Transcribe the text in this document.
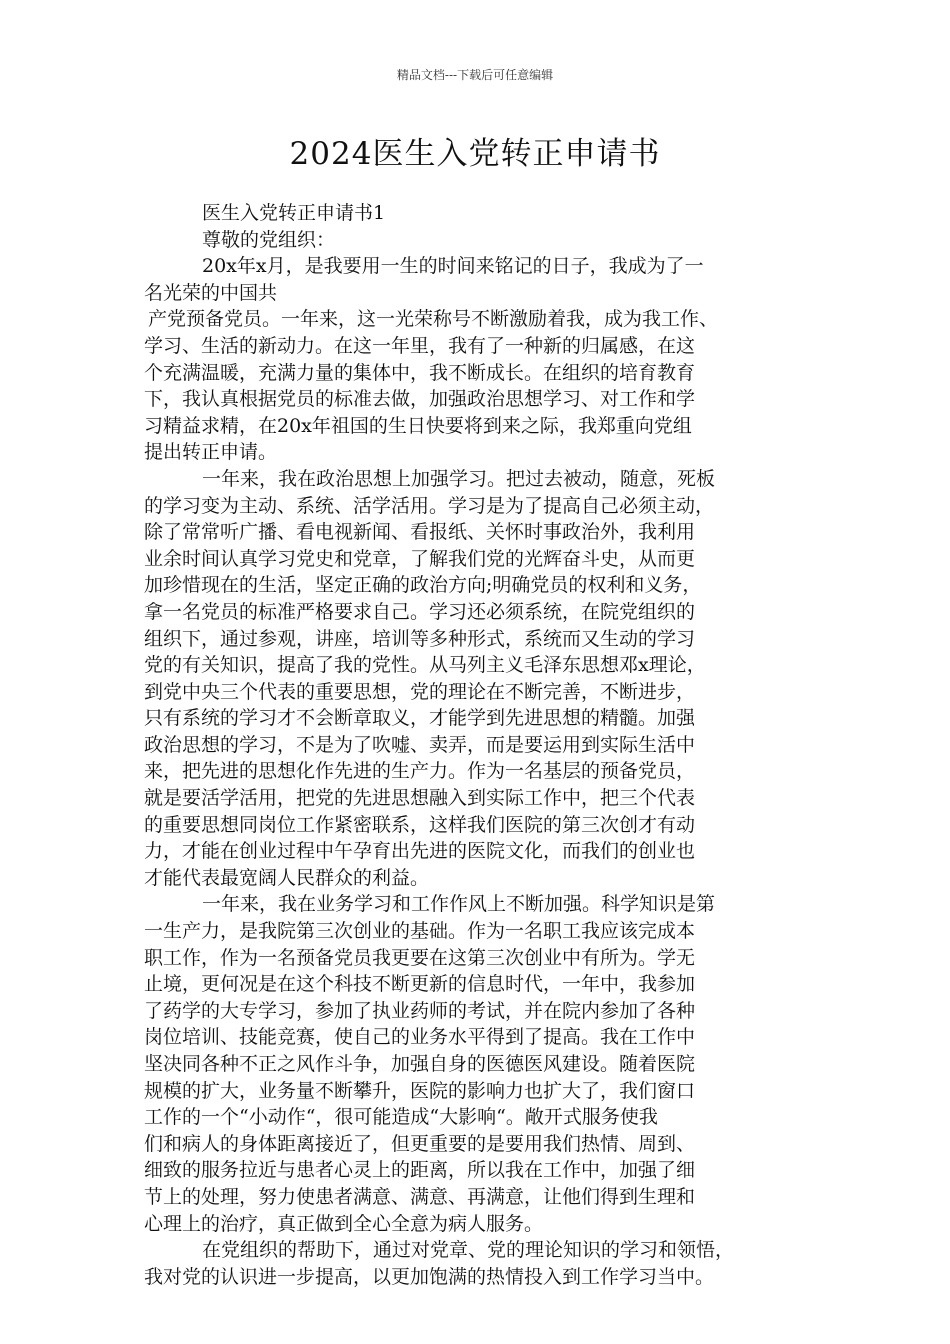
精品文档---下载后可任意编辑
2024医生入党转正申请书
医生入党转正申请书1
尊敬的党组织：
20x年x月，是我要用一生的时间来铭记的日子，我成为了一
名光荣的中国共
产党预备党员。一年来，这一光荣称号不断激励着我，成为我工作、
学习、生活的新动力。在这一年里，我有了一种新的归属感，在这
个充满温暖，充满力量的集体中，我不断成长。在组织的培育教育
下，我认真根据党员的标准去做，加强政治思想学习、对工作和学
习精益求精，在20x年祖国的生日快要将到来之际，我郑重向党组
提出转正申请。
一年来，我在政治思想上加强学习。把过去被动，随意，死板
的学习变为主动、系统、活学活用。学习是为了提高自己必须主动，
除了常常听广播、看电视新闻、看报纸、关怀时事政治外，我利用
业余时间认真学习党史和党章，了解我们党的光辉奋斗史，从而更
加珍惜现在的生活，坚定正确的政治方向;明确党员的权利和义务，
拿一名党员的标准严格要求自己。学习还必须系统，在院党组织的
组织下，通过参观，讲座，培训等多种形式，系统而又生动的学习
党的有关知识，提高了我的党性。从马列主义毛泽东思想邓x理论，
到党中央三个代表的重要思想，党的理论在不断完善，不断进步，
只有系统的学习才不会断章取义，才能学到先进思想的精髓。加强
政治思想的学习，不是为了吹嘘、卖弄，而是要运用到实际生活中
来，把先进的思想化作先进的生产力。作为一名基层的预备党员，
就是要活学活用，把党的先进思想融入到实际工作中，把三个代表
的重要思想同岗位工作紧密联系，这样我们医院的第三次创才有动
力，才能在创业过程中午孕育出先进的医院文化，而我们的创业也
才能代表最宽阔人民群众的利益。
一年来，我在业务学习和工作作风上不断加强。科学知识是第
一生产力，是我院第三次创业的基础。作为一名职工我应该完成本
职工作，作为一名预备党员我更要在这第三次创业中有所为。学无
止境，更何况是在这个科技不断更新的信息时代，一年中，我参加
了药学的大专学习，参加了执业药师的考试，并在院内参加了各种
岗位培训、技能竞赛，使自己的业务水平得到了提高。我在工作中
坚决同各种不正之风作斗争，加强自身的医德医风建设。随着医院
规模的扩大，业务量不断攀升，医院的影响力也扩大了，我们窗口
工作的一个“小动作“，很可能造成“大影响“。敞开式服务使我
们和病人的身体距离接近了，但更重要的是要用我们热情、周到、
细致的服务拉近与患者心灵上的距离，所以我在工作中，加强了细
节上的处理，努力使患者满意、满意、再满意，让他们得到生理和
心理上的治疗，真正做到全心全意为病人服务。
在党组织的帮助下，通过对党章、党的理论知识的学习和领悟，
我对党的认识进一步提高，以更加饱满的热情投入到工作学习当中。
